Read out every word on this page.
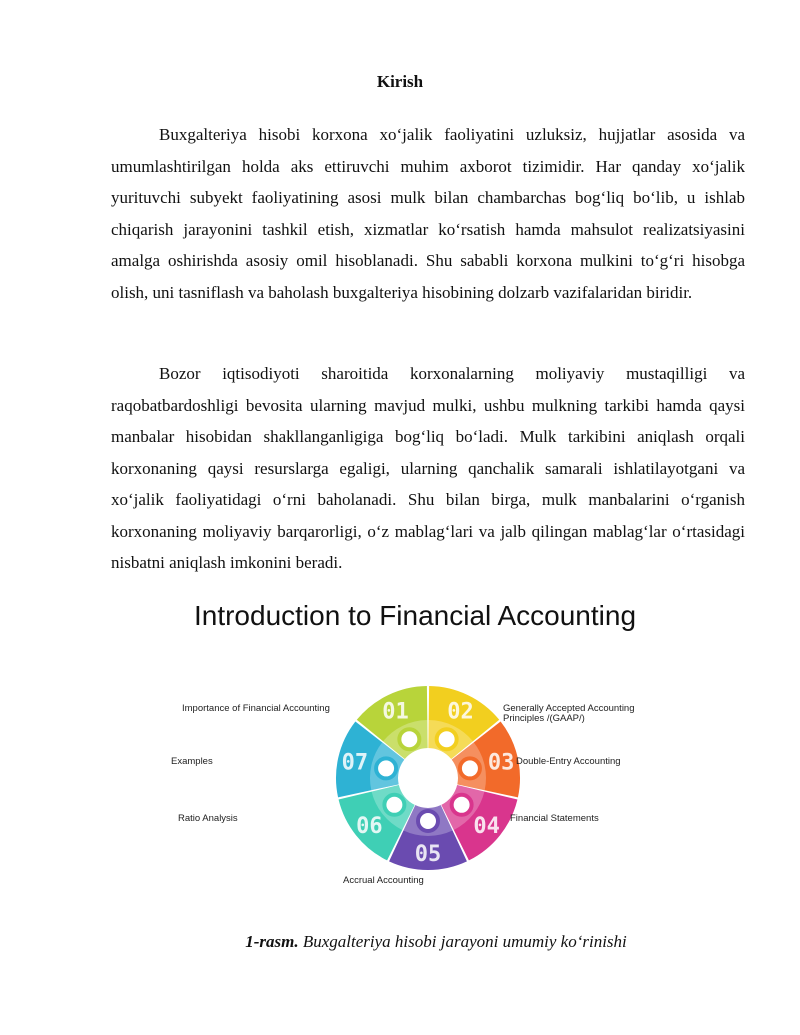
Kirish

Buxgalteriya hisobi korxona xo‘jalik faoliyatini uzluksiz, hujjatlar asosida va umumlashtirilgan holda aks ettiruvchi muhim axborot tizimidir. Har qanday xo‘jalik yurituvchi subyekt faoliyatining asosi mulk bilan chambarchas bog‘liq bo‘lib, u ishlab chiqarish jarayonini tashkil etish, xizmatlar ko‘rsatish hamda mahsulot realizatsiyasini amalga oshirishda asosiy omil hisoblanadi. Shu sababli korxona mulkini to‘g‘ri hisobga olish, uni tasniflash va baholash buxgalteriya hisobining dolzarb vazifalaridan biridir.

Bozor iqtisodiyoti sharoitida korxonalarning moliyaviy mustaqilligi va raqobatbardoshligi bevosita ularning mavjud mulki, ushbu mulkning tarkibi hamda qaysi manbalar hisobidan shakllanganligiga bog‘liq bo‘ladi. Mulk tarkibini aniqlash orqali korxonaning qaysi resurslarga egaligi, ularning qanchalik samarali ishlatilayotgani va xo‘jalik faoliyatidagi o‘rni baholanadi. Shu bilan birga, mulk manbalarini o‘rganish korxonaning moliyaviy barqarorligi, o‘z mablag‘lari va jalb qilingan mablag‘lar o‘rtasidagi nisbatni aniqlash imkonini beradi.

Introduction to Financial Accounting
01 02
03
04
05
06
07
Importance of Financial Accounting	Generally Accepted Accounting Principles /(GAAP/)
Double-Entry Accounting
Financial Statements
Accrual Accounting
Ratio Analysis
Examples
1-rasm. Buxgalteriya hisobi jarayoni umumiy ko‘rinishi
